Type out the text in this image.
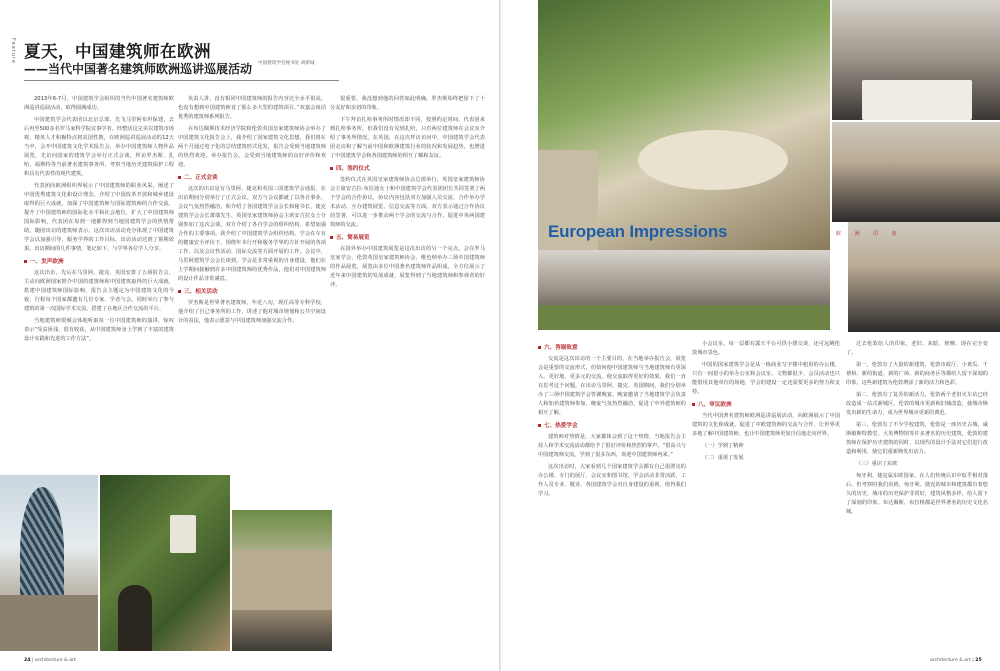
Feature 夏天，中国建筑师在欧洲
——当代中国著名建筑师欧洲巡讲巡展活动 中国建筑学会秘书处 胡新城

2013年6-7月，中国建筑学会组织的当代中国著名建筑师欧洲巡讲巡展活动，取得圆满成功。

中国建筑学会代表团以北京总部、先飞马里阿布坦保建，去后再至500多名罗马家科学院议事学者，经整活这完美以建筑市场将，精英人才积极特点将其国性教，在欧洲巡讲巡展活动的12天当中，会开中国建筑文化学术报告会，举办中国建筑师人物作品展览，先访问国家的建筑学会举行正式会谈，拜访罗杰斯、扎哈、福斯特等当前著名建筑事务所，考察当地历史建筑保护工程和具有代表性的现代建筑。

代表团向欧洲组织界展示了中国建筑师的职业风采，阐述了中国优秀建筑文化和设计理念，介绍了中国改革开放和城乡建设取得的巨大成就，加深了中国建筑师与国际建筑师的合作交流，提升了中国建筑师的国际化水平和社会地位，扩大了中国建筑师国际影响，代表团在每到一地都得到当地国建筑学会的热情帮助，随团出访的建筑师表示，这次出访活动充分体现了中国建筑学会以加强引导、服务学界的工作目标，出访活动达到了预期效果。出访期间的几件事情，笔记如下，与学界各位学人分享。

一、发声欧洲

这次出访，先后在马里阿、捷克、英国安排了五场报告会，主动向欧洲国家推介中国的建筑师和中国建筑取得的巨大成就，搭建中国建筑师国际影响，报告会主题定为中国建筑文化的今貌，行程每个国家都邀有几位专家、学者与会。同时举行了参与建筑的第一次国际学术交流，搭建了在地区合作交流的平台。

当地建筑师裂倾会体地听取每一位中国建筑师的演讲，惊叹表示“受益匪浅、很有收获，从中国建筑师身上学到了丰富的建筑设计实践和先进的工作方法”。

负责人讲，没有相同中国建筑师的报告内容达全水平很高，也没有想到中国建筑师竟了那么多大型的建筑项目。”双嘉会谈话优秀的建筑师系列报告。

在布达佩斯技术经济学院和伦敦英国皇家建筑师协会举办了中国建筑文化报告会上，我介绍了国家建筑文化思想，我们将在两个月通过电子化的总结建筑形式化发，报告会受到当地建筑师的热烈欢迎。举办报告会，会受到当地建筑师的良好评价和欢迎。

二、正式会谈

这次的出访是有马里阿、捷克和英国三国建筑学会通报，在出访期间分别举行了正式会议。双方与会议都就了以各自事业、会议气氛热烈融洽，和介绍了各国建筑学会会长和秘书长，捷克建筑学会会长萧瑞先生、英国皇家建筑师协会主席安吉拉女士分别参加了这次会谈。双方介绍了各自学会的组织结构、希望加强合作的主要事项。我介绍了中国建筑学会组织结构、学会在车有的健康安全评价下，围绕年本行开和服务学界的方针开展的各项工作，以及会议性活动、国际交流等方面开展的工作。会议中，马里阿建筑学会会长谈到，学会是非常重视的自身建设，他们在上学期间接触到许多中国建筑师的优秀作品，他们对中国建筑师的设计作品非常满意。

三、相关活动

罗杰斯是世界著名建筑师，年近八旬，现任高等专科学校，他介绍了自己事务所的工作，讲述了他对城市规划和公共空间设计的看法，他表示愿意与中国建筑师加强交流合作。

很重要，我没想到他的回答如此明确。罗杰斯始终把留下了十分友好和亲切的印象。

下午拜访扎哈事务所时情况却不同，按照约定时间，代表团来到扎哈事务所，但我们没有见到扎哈，只有两位建筑师在会议室介绍了事务所情况。在英国，在这次拜访访问中，中国建筑学会代表团走访和了解当前中国和欧洲建筑行业的状况和发展趋势，也增进了中国建筑学会和各国建筑师的相互了解和友谊。

四、签约仪式

签约仪式在英国皇家建筑师协会总部举行，英国皇家建筑师协会主席安吉拉·布拉迪女士和中国建筑学会代表团团长共同签署了两个学会的合作协议，协议内容包括双方加强人员交流、合作举办学术活动、互办建筑展览、信息交流等方面。双方表示通过合作协议的签署，可以进一步推动两个学会的交流与合作，促进中英两国建筑师的交流。

五、简易展览

在国外举办中国建筑展览是这次出访的另一个亮点。会在罗马皇家学会、伦敦英国皇家建筑师协会、维也纳举办三场中国建筑师的作品展览，展览由多位中国著名建筑师作品组成，全方位展示了近年来中国建筑的发展成就，展览得到了当地建筑师和参观者的好评。

European Impressions	欧 洲 印 象
六、答谢致意

交流是这次出访的一个主要目的，在当地举办报告会，展览会是重要的交流形式，但如何使中国建筑师与当地建筑师有更深入、更好地、更多元的交流，使交流取得更好的效果，我们一直在思考这个问题。在出访马里阿、捷克、英国期间，我们分别举办了三场中国建筑学会答谢晚宴。晚宴邀请了当地建筑学会负责人和知名建筑师参加，晚宴气氛热烈融洽，促进了中外建筑师的相互了解。

七、热爱学会

建筑师对热情是，大家都体会到了这个热情，当地报告会主持人和学术交流活动都给予了很好评价和热烈的掌声。“很高兴与中国建筑师交流，学到了很多东西，欢迎中国建筑师再来。”

这次出访时，大家看到几个国家建筑学会都有自己很漂亮的办公楼、专门的展厅、会议室和图书馆，学会活动非常活跃，工作人员专业、敬业，各国建筑学会对自身建设的重视，值得我们学习。

小会议室，每一层都有露天平台可供小憩交谈，还可远眺伦敦城市景色。

中国的国家建筑学会是从一栋商业写字楼中租用的办公楼，只有一间很小的单办公室和会议室，文物都很少，会员活动也只能借用其他单位的场地，学会的建设一定还需要更多的努力和支持。

八、审议欧洲

当代中国著名建筑师欧洲巡讲巡展活动，向欧洲展示了中国建筑的文化和成就，促进了中欧建筑师的交流与合作，让世界更多地了解中国建筑师，也让中国建筑师更加自信地走向世界。

（一）学到了精神

（二）重视了发展

过去伦敦给人的印象，老旧、灰暗、傍晚、现在完全变了。

第一，伦敦有了大量的新建筑，伦敦市政厅、小黄瓜、千禧桥、新的街道、新的广场、新的商务区等都给人留下深刻的印象，这些新建筑为伦敦增添了新的活力和色彩。

第二，伦敦有了复苏的新活力，伦敦两个老旧火车站已经改造成一站式新城区，伦敦的城市更新和旧城改造，使城市焕发出新的生命力，成为世界城市更新的典范。

第三，伦敦有了不少学校建筑，伦敦是一座历史古城，威斯敏斯特教堂、大英博物馆等许多著名的历史建筑，伦敦的建筑师在保护历史建筑的同时，以现代的设计手法对它们进行改造和利用，使它们重新焕发出活力。

（三）重识了东欧

匈牙利、捷克属东欧国家，在人们传统认识中似乎相对落后，但考察时我们看到，匈牙利、捷克的城市和建筑都有着悠久的历史，城市的历史保护非常好，建筑风格多样，给人留下了深刻的印象。布达佩斯、布拉格都是世界著名的历史文化名城。

24 | architecture & art	architecture & art | 25
